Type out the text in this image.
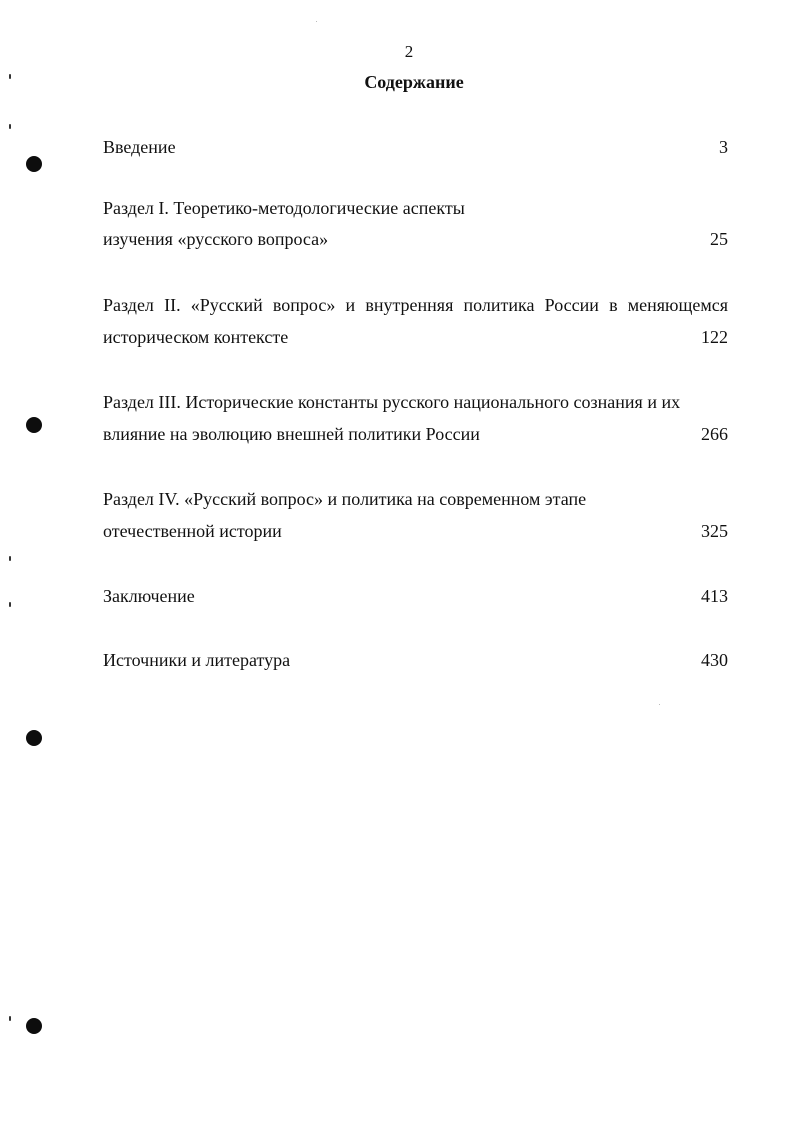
2
Содержание
Введение	3
Раздел I. Теоретико-методологические аспекты
изучения «русского вопроса»	25
Раздел II. «Русский вопрос» и внутренняя политика России в меняющемся
историческом контексте	122
Раздел III. Исторические константы русского национального сознания и их
влияние на эволюцию внешней политики России	266
Раздел IV. «Русский вопрос» и политика на современном этапе
отечественной истории	325
Заключение	413
Источники и литература	430
